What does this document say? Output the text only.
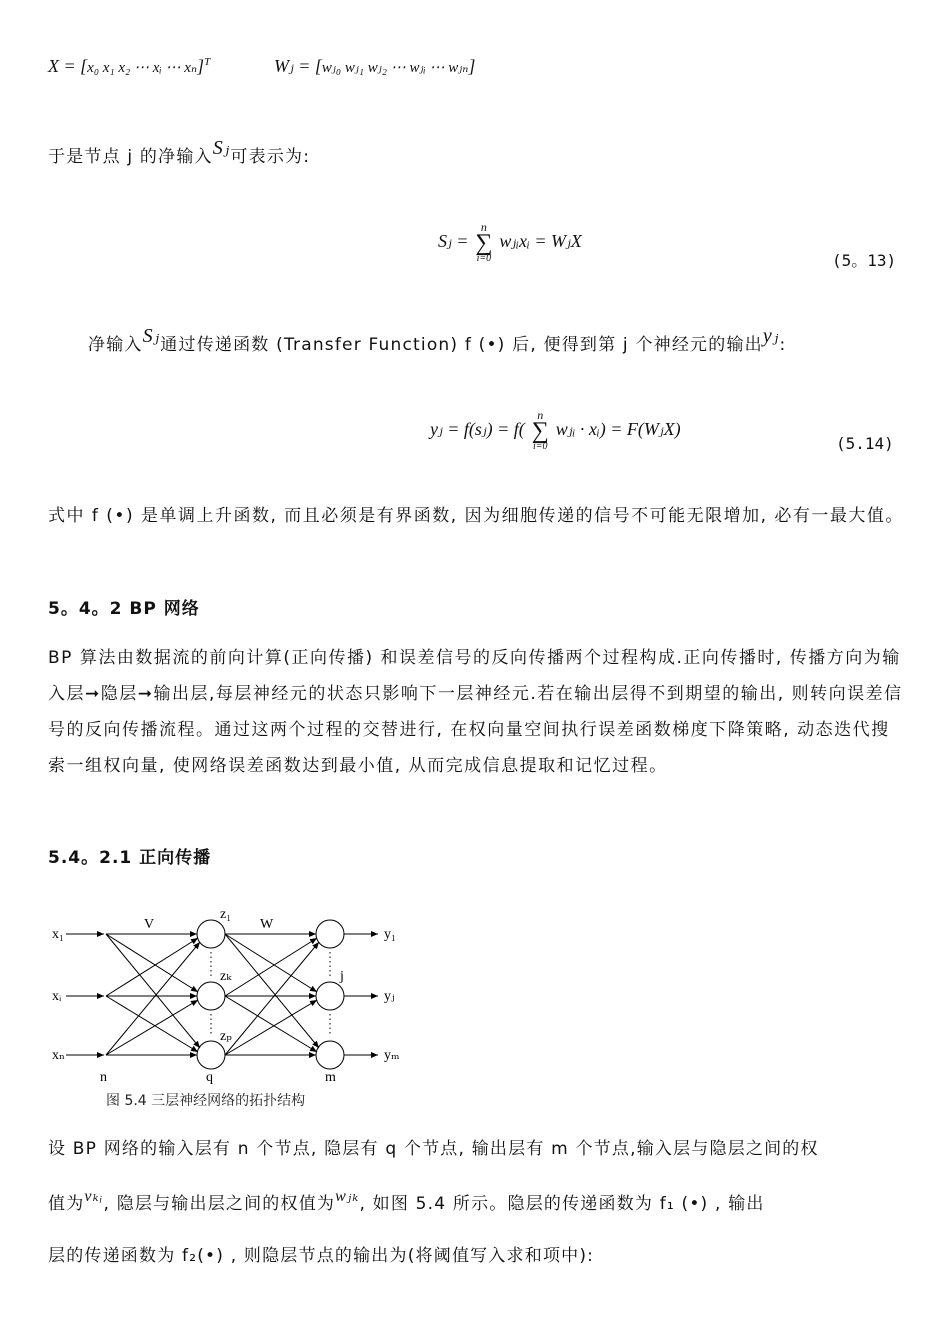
X = [x₀ x₁ x₂ ⋯ xᵢ ⋯ xₙ]$^T$	Wⱼ = [wⱼ₀ wⱼ₁ wⱼ₂ ⋯ wⱼᵢ ⋯ wⱼₙ]
于是节点 j 的净输入Sⱼ可表示为:
Sⱼ =
n
∑
i=0
wⱼᵢxᵢ = WⱼX
(5。13)
净输入Sⱼ通过传递函数 (Transfer Function) f (•) 后, 便得到第 j 个神经元的输出yⱼ:
yⱼ = f(sⱼ) = f(
n
∑
i=0
wⱼᵢ · xᵢ) = F(WⱼX)
(5.14)
式中 f (•) 是单调上升函数, 而且必须是有界函数, 因为细胞传递的信号不可能无限增加, 必有一最大值。
5。4。2 BP 网络
BP 算法由数据流的前向计算(正向传播) 和误差信号的反向传播两个过程构成.正向传播时, 传播方向为输入层➞隐层➞输出层,每层神经元的状态只影响下一层神经元.若在输出层得不到期望的输出, 则转向误差信号的反向传播流程。通过这两个过程的交替进行, 在权向量空间执行误差函数梯度下降策略, 动态迭代搜索一组权向量, 使网络误差函数达到最小值, 从而完成信息提取和记忆过程。
5.4。2.1 正向传播
x₁
xᵢ
xₙ
V	W
z₁
zₖ
zₚ
j
y₁
yⱼ
yₘ
n	q	m
图 5.4 三层神经网络的拓扑结构
设 BP 网络的输入层有 n 个节点, 隐层有 q 个节点, 输出层有 m 个节点,输入层与隐层之间的权
值为vₖᵢ, 隐层与输出层之间的权值为wⱼₖ, 如图 5.4 所示。隐层的传递函数为 f₁ (•) , 输出
层的传递函数为 f₂(•) , 则隐层节点的输出为(将阈值写入求和项中):
